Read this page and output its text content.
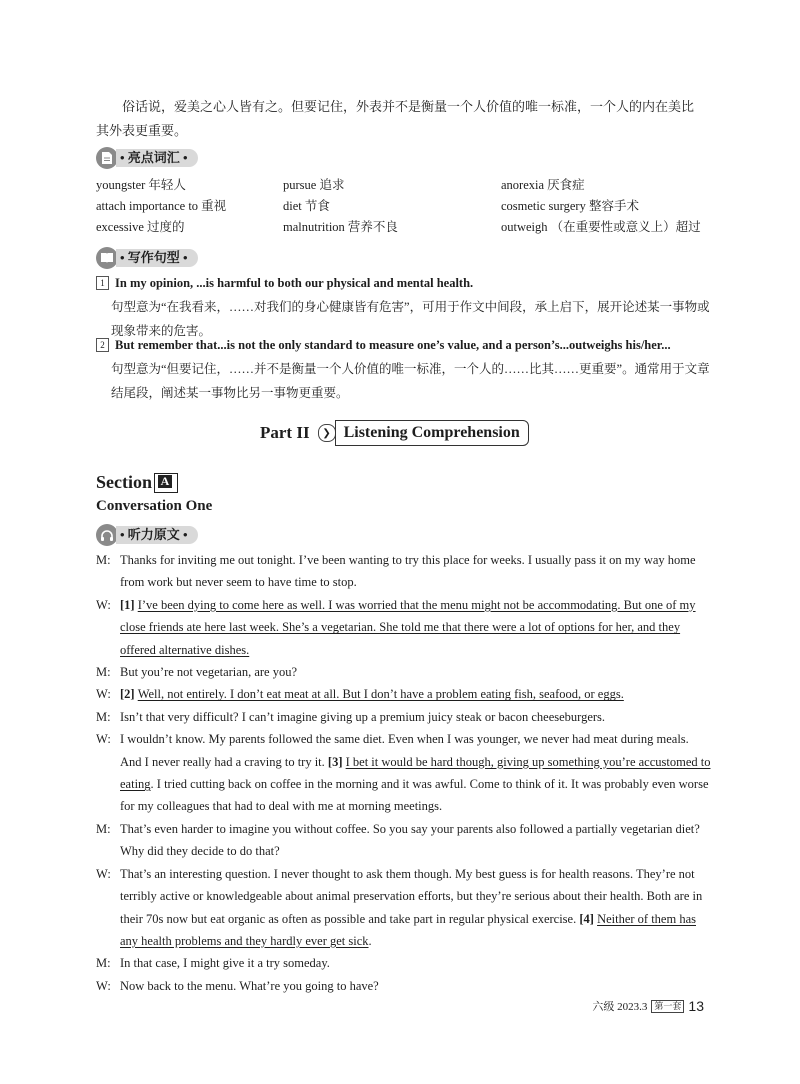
俗话说，爱美之心人皆有之。但要记住，外表并不是衡量一个人价值的唯一标准，一个人的内在美比其外表更重要。
• 亮点词汇 •
youngster 年轻人	pursue 追求	anorexia 厌食症
attach importance to 重视	diet 节食	cosmetic surgery 整容手术
excessive 过度的	malnutrition 营养不良	outweigh （在重要性或意义上）超过
• 写作句型 •
1 In my opinion, ...is harmful to both our physical and mental health.
句型意为“在我看来，……对我们的身心健康皆有危害”，可用于作文中间段，承上启下，展开论述某一事物或现象带来的危害。
2 But remember that...is not the only standard to measure one’s value, and a person’s...outweighs his/her...
句型意为“但要记住，……并不是衡量一个人价值的唯一标准，一个人的……比其……更重要”。通常用于文章结尾段，阐述某一事物比另一事物更重要。
Part II	❯ Listening Comprehension
Section A
Conversation One
• 听力原文 •
M: Thanks for inviting me out tonight. I’ve been wanting to try this place for weeks. I usually pass it on my way home from work but never seem to have time to stop.
W: [1] I’ve been dying to come here as well. I was worried that the menu might not be accommodating. But one of my close friends ate here last week. She’s a vegetarian. She told me that there were a lot of options for her, and they offered alternative dishes.
M: But you’re not vegetarian, are you?
W: [2] Well, not entirely. I don’t eat meat at all. But I don’t have a problem eating fish, seafood, or eggs.
M: Isn’t that very difficult? I can’t imagine giving up a premium juicy steak or bacon cheeseburgers.
W: I wouldn’t know. My parents followed the same diet. Even when I was younger, we never had meat during meals. And I never really had a craving to try it. [3] I bet it would be hard though, giving up something you’re accustomed to eating. I tried cutting back on coffee in the morning and it was awful. Come to think of it. It was probably even worse for my colleagues that had to deal with me at morning meetings.
M: That’s even harder to imagine you without coffee. So you say your parents also followed a partially vegetarian diet? Why did they decide to do that?
W: That’s an interesting question. I never thought to ask them though. My best guess is for health reasons. They’re not terribly active or knowledgeable about animal preservation efforts, but they’re serious about their health. Both are in their 70s now but eat organic as often as possible and take part in regular physical exercise. [4] Neither of them has any health problems and they hardly ever get sick.
M: In that case, I might give it a try someday.
W: Now back to the menu. What’re you going to have?
六级 2023.3 第一套 13
